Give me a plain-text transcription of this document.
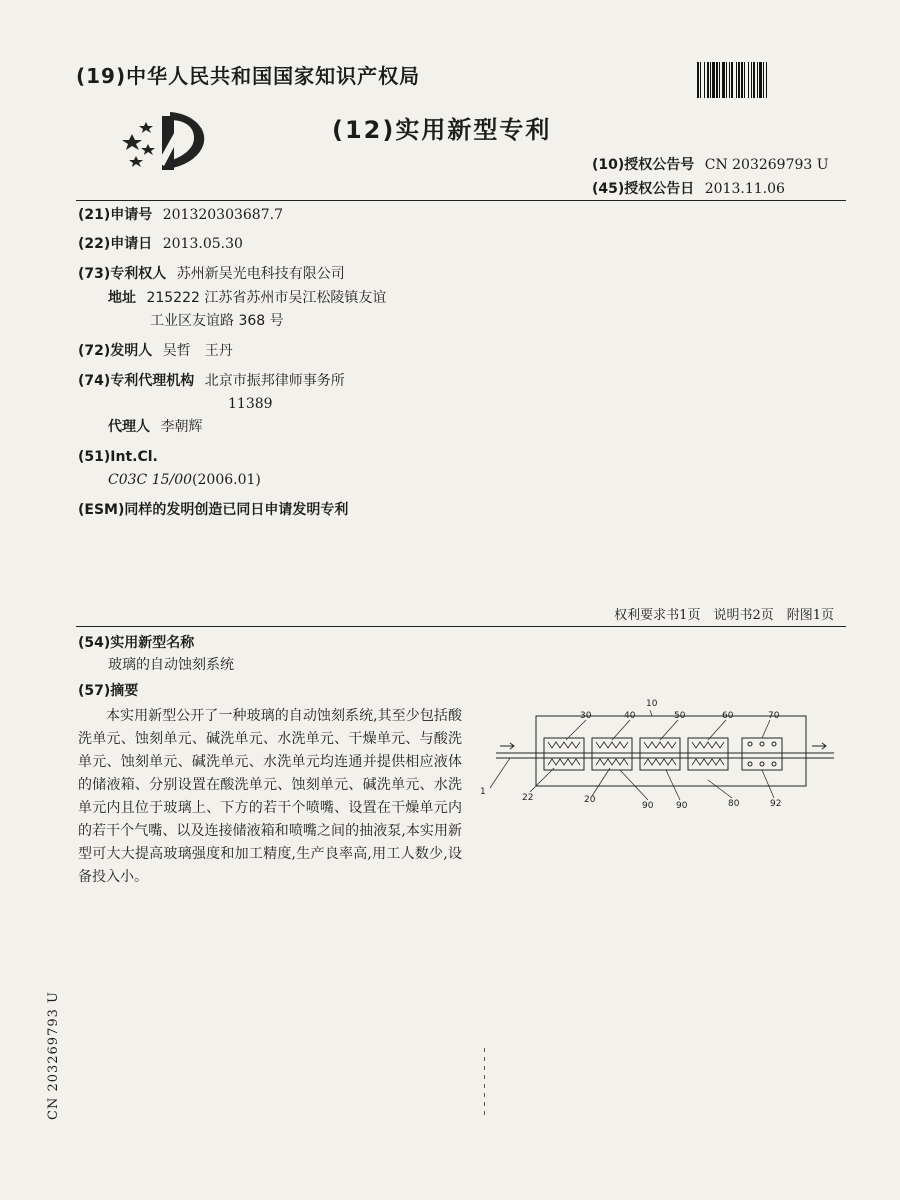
(19)中华人民共和国国家知识产权局
(12)实用新型专利
(10)授权公告号 CN 203269793 U
(45)授权公告日 2013.11.06
(21)申请号 201320303687.7
(22)申请日 2013.05.30
(73)专利权人 苏州新吴光电科技有限公司
地址 215222 江苏省苏州市吴江松陵镇友谊
工业区友谊路 368 号
(72)发明人 吴哲　王丹
(74)专利代理机构 北京市振邦律师事务所
11389
代理人 李朝辉
(51)Int.Cl.
C03C 15/00(2006.01)
(ESM)同样的发明创造已同日申请发明专利
权利要求书1页　说明书2页　附图1页
(54)实用新型名称
玻璃的自动蚀刻系统
(57)摘要
本实用新型公开了一种玻璃的自动蚀刻系统,其至少包括酸洗单元、蚀刻单元、碱洗单元、水洗单元、干燥单元、与酸洗单元、蚀刻单元、碱洗单元、水洗单元均连通并提供相应液体的储液箱、分别设置在酸洗单元、蚀刻单元、碱洗单元、水洗单元内且位于玻璃上、下方的若干个喷嘴、设置在干燥单元内的若干个气嘴、以及连接储液箱和喷嘴之间的抽液泵,本实用新型可大大提高玻璃强度和加工精度,生产良率高,用工人数少,设备投入小。
10
30	40	50	60	70
1
22	20
90	90	80	92
CN 203269793 U
